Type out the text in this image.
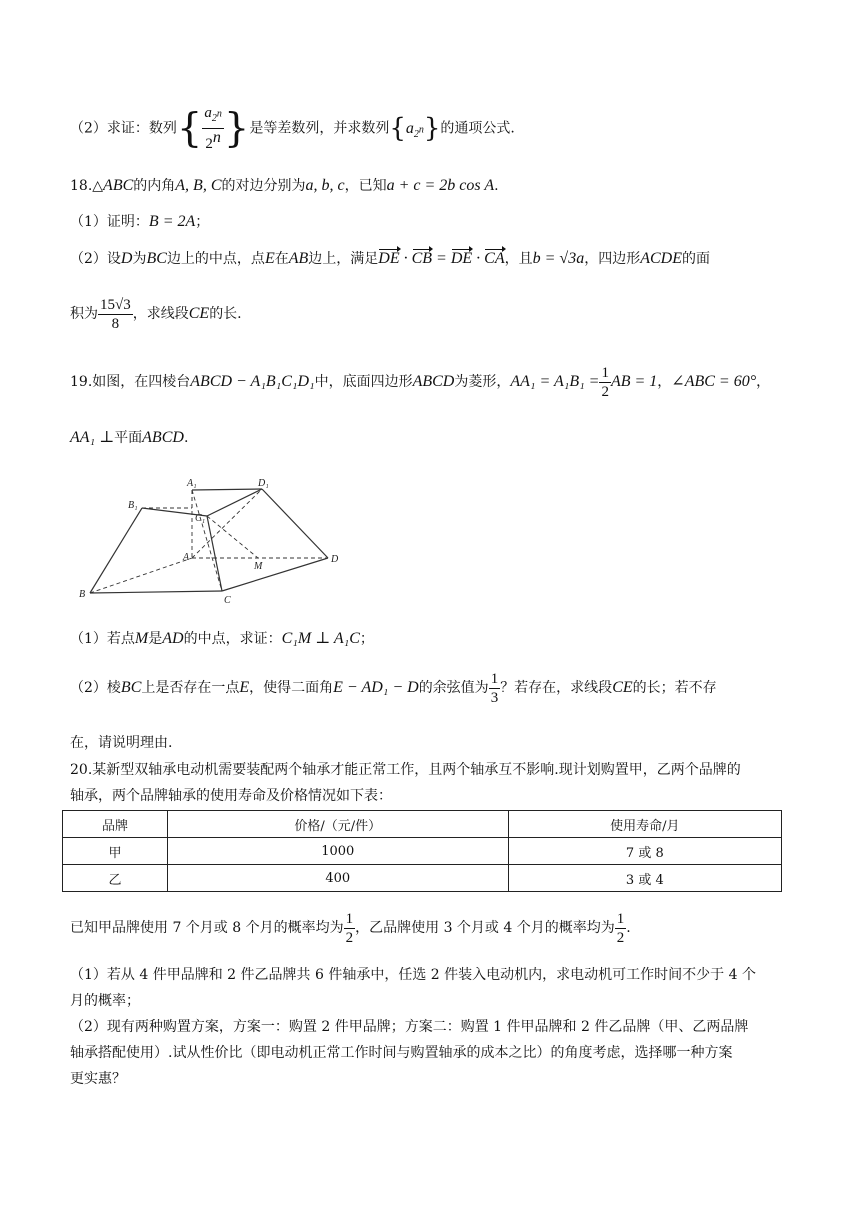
（2）求证：数列{ $\frac{a_{2^n}}{2^n}$ }是等差数列，并求数列$\{a_{2^n}\}$的通项公式.
18.△ABC的内角A, B, C的对边分别为a, b, c，已知a + c = 2b cos A.
（1）证明：B = 2A；
（2）设D为BC边上的中点，点E在AB边上，满足DE · CB = DE · CA，且b = √3a，四边形ACDE的面
积为 $\frac{15√3}{8}$ ，求线段CE的长.
19.如图，在四棱台ABCD − A₁B₁C₁D₁中，底面四边形ABCD为菱形，$AA_1 = A_1B_1 = \frac{1}{2}$ AB = 1，∠ABC = 60°，
AA₁ ⊥平面ABCD.
B₁
A₁	D₁
C₁
A
M
D
B
C
（1）若点M是AD的中点，求证：C₁M ⊥ A₁C；
（2）棱BC上是否存在一点E，使得二面角E − AD₁ − D的余弦值为 $\frac{1}{3}$ ？若存在，求线段CE的长；若不存
在，请说明理由.
20.某新型双轴承电动机需要装配两个轴承才能正常工作，且两个轴承互不影响.现计划购置甲，乙两个品牌的
轴承，两个品牌轴承的使用寿命及价格情况如下表：
品牌	价格/（元/件）	使用寿命/月
甲	1000	7 或 8
乙	400	3 或 4
已知甲品牌使用 7 个月或 8 个月的概率均为 $\frac{1}{2}$ ，乙品牌使用 3 个月或 4 个月的概率均为 $\frac{1}{2}$ .
（1）若从 4 件甲品牌和 2 件乙品牌共 6 件轴承中，任选 2 件装入电动机内，求电动机可工作时间不少于 4 个
月的概率；
（2）现有两种购置方案，方案一：购置 2 件甲品牌；方案二：购置 1 件甲品牌和 2 件乙品牌（甲、乙两品牌
轴承搭配使用）.试从性价比（即电动机正常工作时间与购置轴承的成本之比）的角度考虑，选择哪一种方案
更实惠？
